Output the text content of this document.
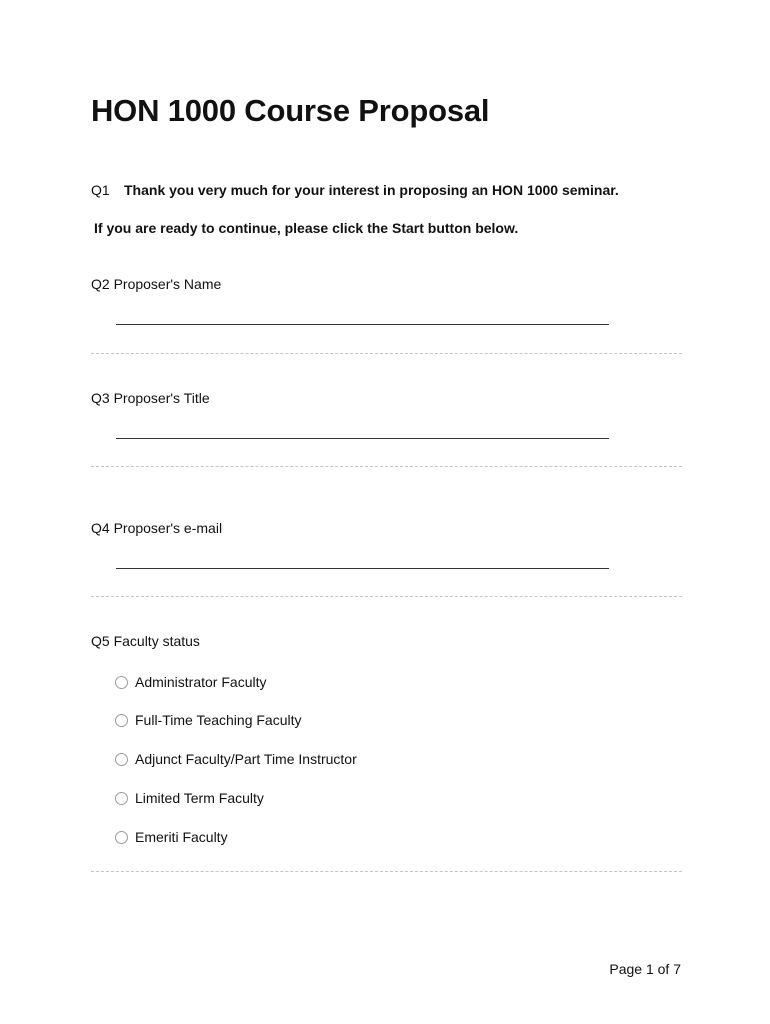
HON 1000 Course Proposal
Q1 Thank you very much for your interest in proposing an HON 1000 seminar.
If you are ready to continue, please click the Start button below.
Q2 Proposer's Name
Q3 Proposer's Title
Q4 Proposer's e-mail
Q5 Faculty status
Administrator Faculty
Full-Time Teaching Faculty
Adjunct Faculty/Part Time Instructor
Limited Term Faculty
Emeriti Faculty
Page 1 of 7
